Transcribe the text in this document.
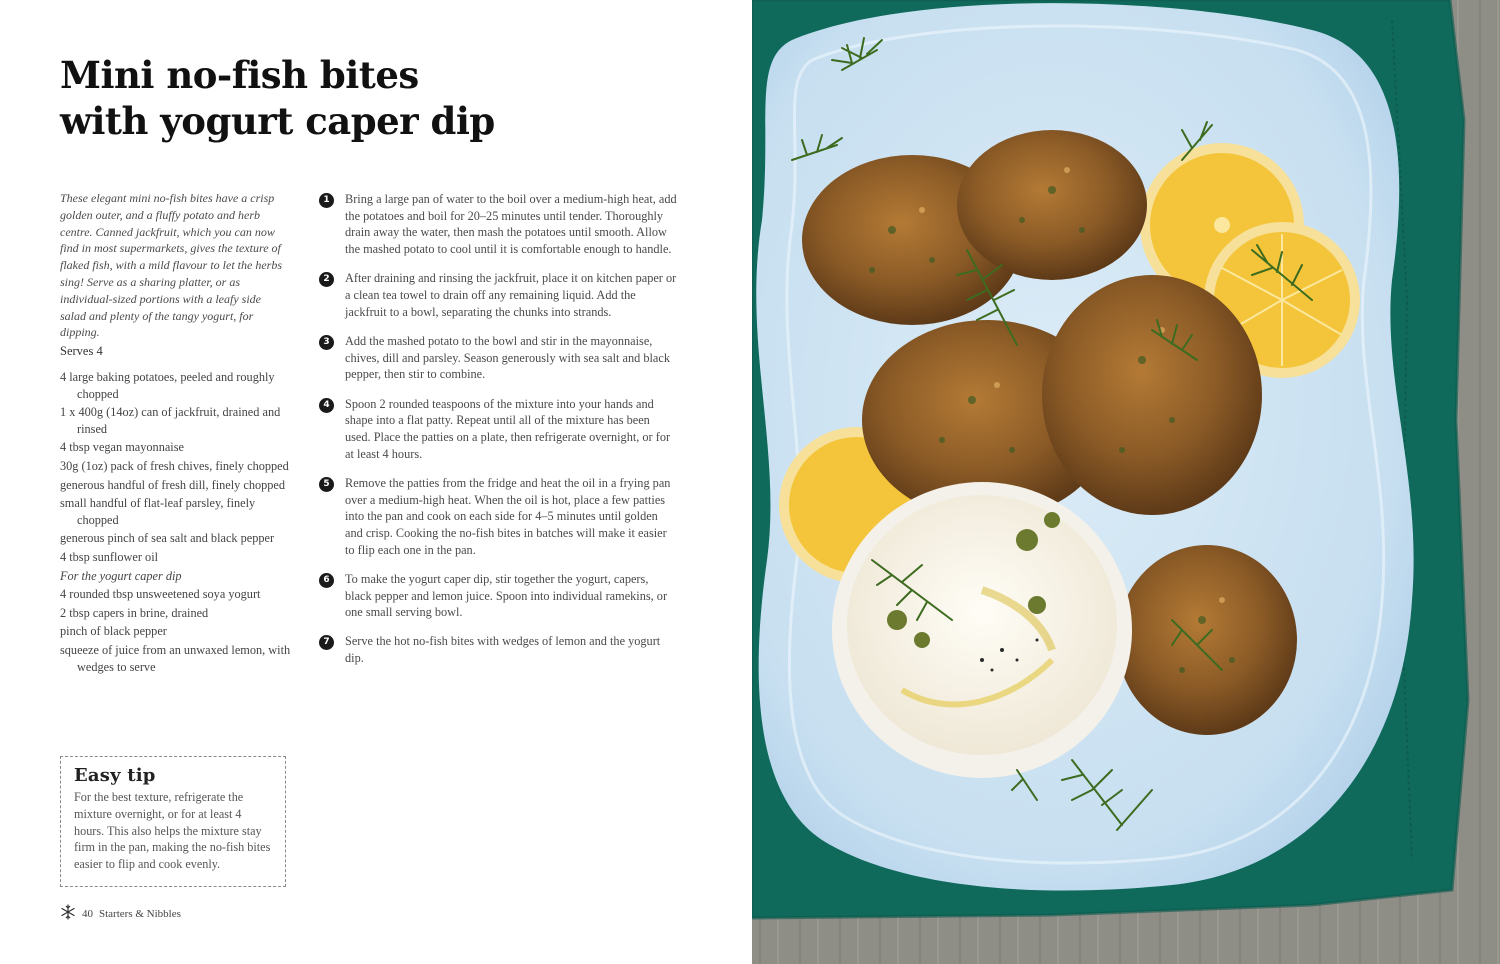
Mini no-fish bites
with yogurt caper dip

These elegant mini no-fish bites have a crisp golden outer, and a fluffy potato and herb centre. Canned jackfruit, which you can now find in most supermarkets, gives the texture of flaked fish, with a mild flavour to let the herbs sing! Serve as a sharing platter, or as individual-sized portions with a leafy side salad and plenty of the tangy yogurt, for dipping.

Serves 4
4 large baking potatoes, peeled and roughly chopped
1 x 400g (14oz) can of jackfruit, drained and rinsed
4 tbsp vegan mayonnaise
30g (1oz) pack of fresh chives, finely chopped
generous handful of fresh dill, finely chopped
small handful of flat-leaf parsley, finely chopped
generous pinch of sea salt and black pepper
4 tbsp sunflower oil
For the yogurt caper dip
4 rounded tbsp unsweetened soya yogurt
2 tbsp capers in brine, drained
pinch of black pepper
squeeze of juice from an unwaxed lemon, with wedges to serve
Easy tip
For the best texture, refrigerate the mixture overnight, or for at least 4 hours. This also helps the mixture stay firm in the pan, making the no-fish bites easier to flip and cook evenly.
1	Bring a large pan of water to the boil over a medium-high heat, add the potatoes and boil for 20–25 minutes until tender. Thoroughly drain away the water, then mash the potatoes until smooth. Allow the mashed potato to cool until it is comfortable enough to handle.
2	After draining and rinsing the jackfruit, place it on kitchen paper or a clean tea towel to drain off any remaining liquid. Add the jackfruit to a bowl, separating the chunks into strands.
3	Add the mashed potato to the bowl and stir in the mayonnaise, chives, dill and parsley. Season generously with sea salt and black pepper, then stir to combine.
4	Spoon 2 rounded teaspoons of the mixture into your hands and shape into a flat patty. Repeat until all of the mixture has been used. Place the patties on a plate, then refrigerate overnight, or for at least 4 hours.
5	Remove the patties from the fridge and heat the oil in a frying pan over a medium-high heat. When the oil is hot, place a few patties into the pan and cook on each side for 4–5 minutes until golden and crisp. Cooking the no-fish bites in batches will make it easier to flip each one in the pan.
6	To make the yogurt caper dip, stir together the yogurt, capers, black pepper and lemon juice. Spoon into individual ramekins, or one small serving bowl.
7	Serve the hot no-fish bites with wedges of lemon and the yogurt dip.
40 Starters & Nibbles
